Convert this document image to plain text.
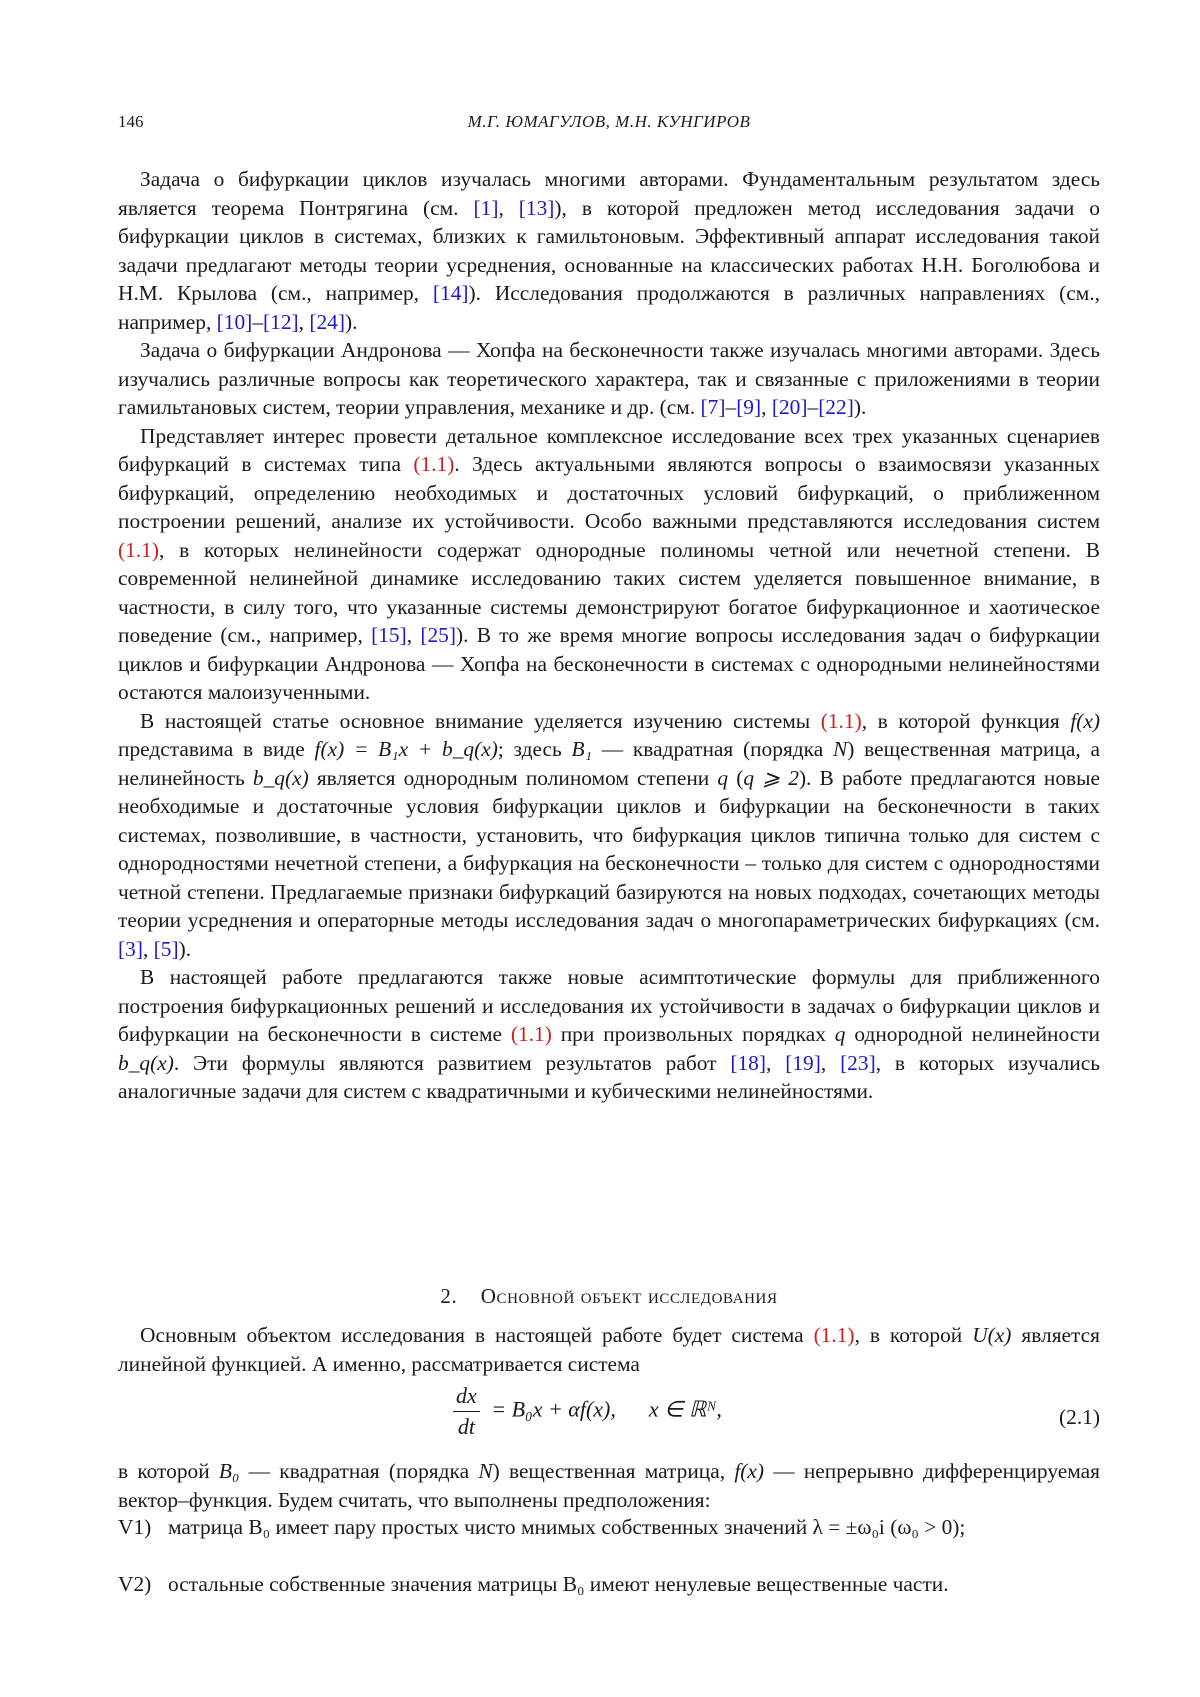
146	М.Г. ЮМАГУЛОВ, М.Н. КУНГИРОВ

Задача о бифуркации циклов изучалась многими авторами. Фундаментальным результатом здесь является теорема Понтрягина (см. [1], [13]), в которой предложен метод исследования задачи о бифуркации циклов в системах, близких к гамильтоновым. Эффективный аппарат исследования такой задачи предлагают методы теории усреднения, основанные на классических работах Н.Н. Боголюбова и Н.М. Крылова (см., например, [14]). Исследования продолжаются в различных направлениях (см., например, [10]–[12], [24]).

Задача о бифуркации Андронова — Хопфа на бесконечности также изучалась многими авторами. Здесь изучались различные вопросы как теоретического характера, так и связанные с приложениями в теории гамильтановых систем, теории управления, механике и др. (см. [7]–[9], [20]–[22]).

Представляет интерес провести детальное комплексное исследование всех трех указанных сценариев бифуркаций в системах типа (1.1). Здесь актуальными являются вопросы о взаимосвязи указанных бифуркаций, определению необходимых и достаточных условий бифуркаций, о приближенном построении решений, анализе их устойчивости. Особо важными представляются исследования систем (1.1), в которых нелинейности содержат однородные полиномы четной или нечетной степени. В современной нелинейной динамике исследованию таких систем уделяется повышенное внимание, в частности, в силу того, что указанные системы демонстрируют богатое бифуркационное и хаотическое поведение (см., например, [15], [25]). В то же время многие вопросы исследования задач о бифуркации циклов и бифуркации Андронова — Хопфа на бесконечности в системах с однородными нелинейностями остаются малоизученными.

В настоящей статье основное внимание уделяется изучению системы (1.1), в которой функция f(x) представима в виде f(x) = B₁x + b_q(x); здесь B₁ — квадратная (порядка N) вещественная матрица, а нелинейность b_q(x) является однородным полиномом степени q (q ⩾ 2). В работе предлагаются новые необходимые и достаточные условия бифуркации циклов и бифуркации на бесконечности в таких системах, позволившие, в частности, установить, что бифуркация циклов типична только для систем с однородностями нечетной степени, а бифуркация на бесконечности – только для систем с однородностями четной степени. Предлагаемые признаки бифуркаций базируются на новых подходах, сочетающих методы теории усреднения и операторные методы исследования задач о многопараметрических бифуркациях (см. [3], [5]).

В настоящей работе предлагаются также новые асимптотические формулы для приближенного построения бифуркационных решений и исследования их устойчивости в задачах о бифуркации циклов и бифуркации на бесконечности в системе (1.1) при произвольных порядках q однородной нелинейности b_q(x). Эти формулы являются развитием результатов работ [18], [19], [23], в которых изучались аналогичные задачи для систем с квадратичными и кубическими нелинейностями.

2. Основной объект исследования

Основным объектом исследования в настоящей работе будет система (1.1), в которой U(x) является линейной функцией. А именно, рассматривается система

$\frac{dx}{dt} = B_0x + \alpha f(x)$, x ∈ ℝᴺ,	(2.1)

в которой B₀ — квадратная (порядка N) вещественная матрица, f(x) — непрерывно дифференцируемая вектор–функция. Будем считать, что выполнены предположения:

V1) матрица B₀ имеет пару простых чисто мнимых собственных значений λ = ±ω₀i (ω₀ > 0);
V2) остальные собственные значения матрицы B₀ имеют ненулевые вещественные части.
